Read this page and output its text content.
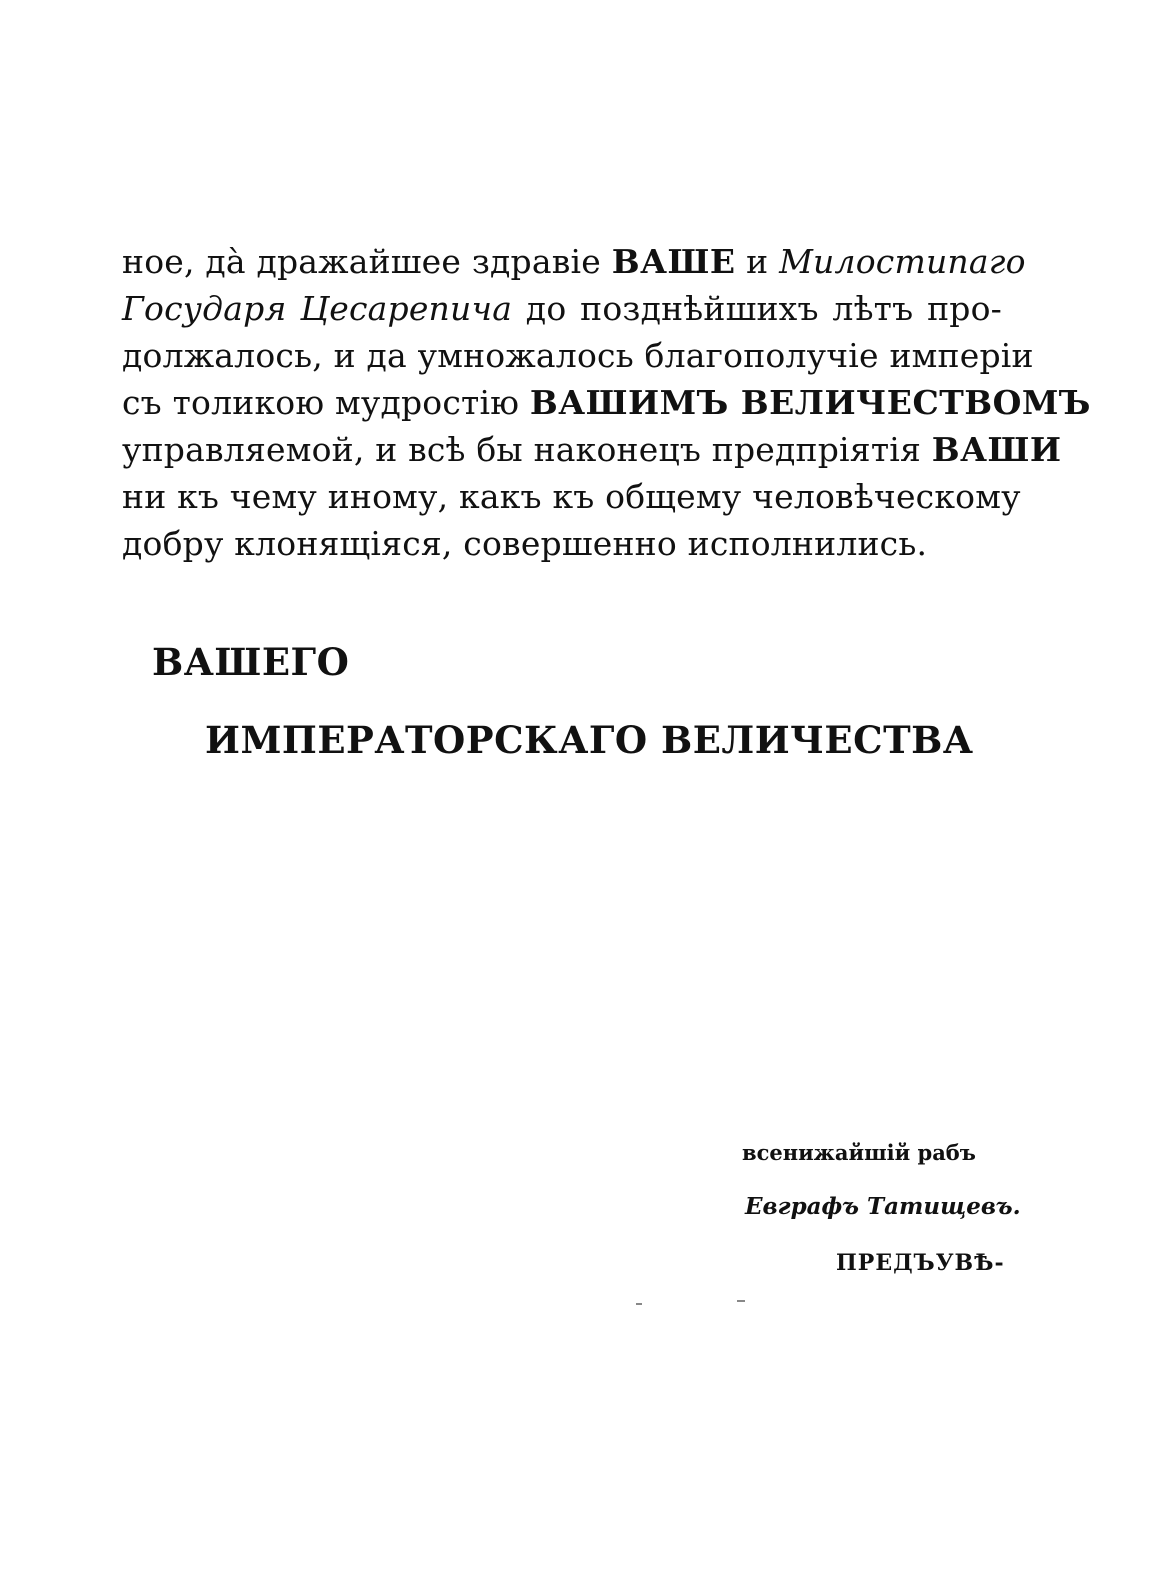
ное, дà дражайшее здравіе ВАШЕ и Милостипаго
Государя Цесарепича до позднѣйшихъ лѣтъ про-
должалось, и да умножалось благополучіе имперіи
съ толикою мудростію ВАШИМЪ ВЕЛИЧЕСТВОМЪ
управляемой, и всѣ бы наконецъ предпріятія ВАШИ
ни къ чему иному, какъ къ общему человѣческому
добру клонящіяся, совершенно исполнились.
ВАШЕГО
ИМПЕРАТОРСКАГО ВЕЛИЧЕСТВА
всенижайшій рабъ
Евграфъ Татищевъ.
ПРЕДЪУВѢ-
